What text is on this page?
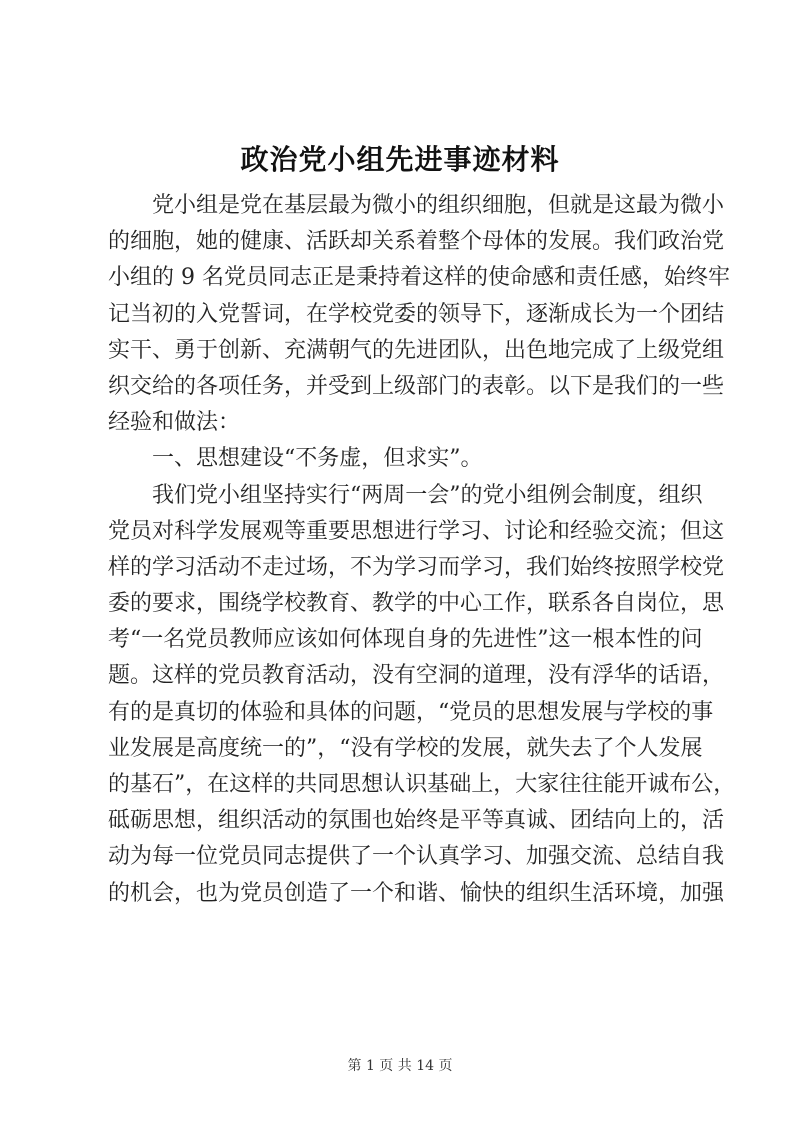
政治党小组先进事迹材料
党小组是党在基层最为微小的组织细胞，但就是这最为微小
的细胞，她的健康、活跃却关系着整个母体的发展。我们政治党
小组的 9 名党员同志正是秉持着这样的使命感和责任感，始终牢
记当初的入党誓词，在学校党委的领导下，逐渐成长为一个团结
实干、勇于创新、充满朝气的先进团队，出色地完成了上级党组
织交给的各项任务，并受到上级部门的表彰。以下是我们的一些
经验和做法：
一、思想建设“不务虚，但求实”。
我们党小组坚持实行“两周一会”的党小组例会制度，组织
党员对科学发展观等重要思想进行学习、讨论和经验交流；但这
样的学习活动不走过场，不为学习而学习，我们始终按照学校党
委的要求，围绕学校教育、教学的中心工作，联系各自岗位，思
考“一名党员教师应该如何体现自身的先进性”这一根本性的问
题。这样的党员教育活动，没有空洞的道理，没有浮华的话语，
有的是真切的体验和具体的问题，“党员的思想发展与学校的事
业发展是高度统一的”，“没有学校的发展，就失去了个人发展
的基石”，在这样的共同思想认识基础上，大家往往能开诚布公，
砥砺思想，组织活动的氛围也始终是平等真诚、团结向上的，活
动为每一位党员同志提供了一个认真学习、加强交流、总结自我
的机会，也为党员创造了一个和谐、愉快的组织生活环境，加强
第 1 页 共 14 页
